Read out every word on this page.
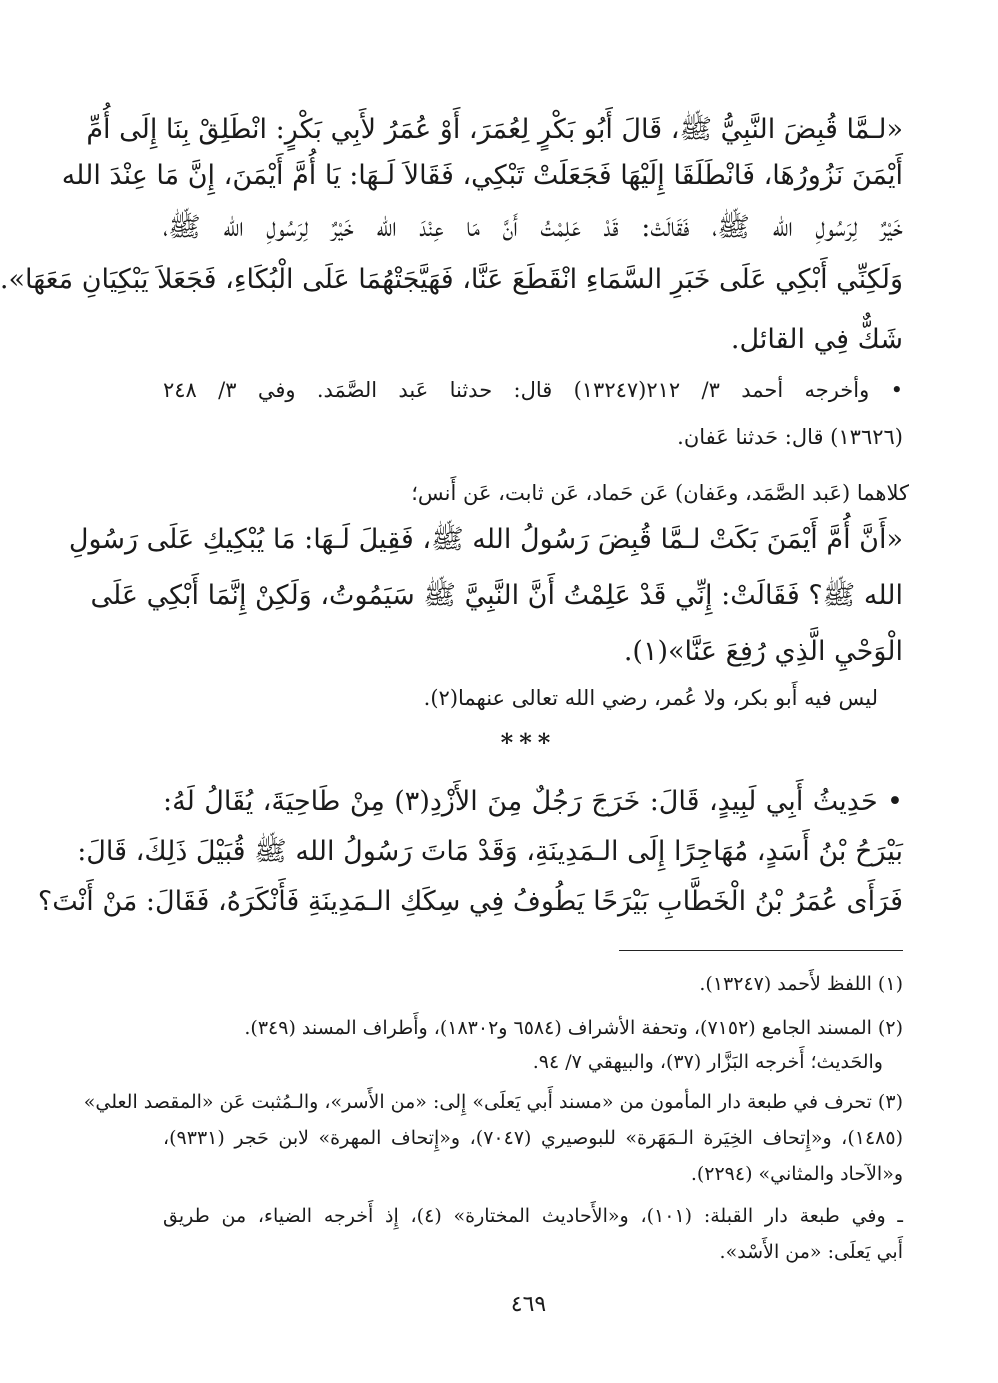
«لـمَّا قُبِضَ النَّبِيُّ ﷺ، قَالَ أَبُو بَكْرٍ لِعُمَرَ، أَوْ عُمَرُ لأَبِي بَكْرٍ: انْطَلِقْ بِنَا إِلَى أُمِّ
أَيْمَنَ نَزُورُهَا، فَانْطَلَقَا إِلَيْهَا فَجَعَلَتْ تَبْكِي، فَقَالاَ لَـهَا: يَا أُمَّ أَيْمَنَ، إِنَّ مَا عِنْدَ الله
خَيْرٌ لِرَسُولِ الله ﷺ، فَقَالَتْ: قَدْ عَلِمْتُ أَنَّ مَا عِنْدَ الله خَيْرٌ لِرَسُولِ الله ﷺ،
وَلَكِنِّي أَبْكِي عَلَى خَبَرِ السَّمَاءِ انْقَطَعَ عَنَّا، فَهَيَّجَتْهُمَا عَلَى الْبُكَاءِ، فَجَعَلاَ يَبْكِيَانِ مَعَهَا».
شَكٌّ فِي القائل.
• وأخرجه أحمد ٣/ ٢١٢(١٣٢٤٧) قال: حدثنا عَبد الصَّمَد. وفي ٣/ ٢٤٨
(١٣٦٢٦) قال: حَدثنا عَفان.
كلاهما (عَبد الصَّمَد، وعَفان) عَن حَماد، عَن ثابت، عَن أَنس؛
«أَنَّ أُمَّ أَيْمَنَ بَكَتْ لـمَّا قُبِضَ رَسُولُ الله ﷺ، فَقِيلَ لَـهَا: مَا يُبْكِيكِ عَلَى رَسُولِ
الله ﷺ؟ فَقَالَتْ: إِنِّي قَدْ عَلِمْتُ أَنَّ النَّبِيَّ ﷺ سَيَمُوتُ، وَلَكِنْ إِنَّمَا أَبْكِي عَلَى
الْوَحْيِ الَّذِي رُفِعَ عَنَّا»(١).
ليس فيه أَبو بكر، ولا عُمر، رضي الله تعالى عنهما(٢).
***
• حَدِيثُ أَبِي لَبِيدٍ، قَالَ: خَرَجَ رَجُلٌ مِنَ الأَزْدِ(٣) مِنْ طَاحِيَةَ، يُقَالُ لَهُ:
بَيْرَحُ بْنُ أَسَدٍ، مُهَاجِرًا إِلَى الـمَدِينَةِ، وَقَدْ مَاتَ رَسُولُ الله ﷺ قُبَيْلَ ذَلِكَ، قَالَ:
فَرَأَى عُمَرُ بْنُ الْخَطَّابِ بَيْرَحًا يَطُوفُ فِي سِكَكِ الـمَدِينَةِ فَأَنْكَرَهُ، فَقَالَ: مَنْ أَنْتَ؟
(١) اللفظ لأَحمد (١٣٢٤٧).
(٢) المسند الجامع (٧١٥٢)، وتحفة الأشراف (٦٥٨٤ و١٨٣٠٢)، وأَطراف المسند (٣٤٩).
والحَديث؛ أَخرجه البَزَّار (٣٧)، والبيهقي ٧/ ٩٤.
(٣) تحرف في طبعة دار المأمون من «مسند أَبي يَعلَى» إِلى: «من الأَسر»، والـمُثبت عَن «المقصد العلي»
(١٤٨٥)، و«إِتحاف الخِيَرة الـمَهَرة» للبوصيري (٧٠٤٧)، و«إِتحاف المهرة» لابن حَجر (٩٣٣١)،
و«الآحاد والمثاني» (٢٢٩٤).
ـ وفي طبعة دار القبلة: (١٠١)، و«الأَحاديث المختارة» (٤)، إِذ أَخرجه الضياء، من طريق
أَبي يَعلَى: «من الأَسْد».
٤٦٩
